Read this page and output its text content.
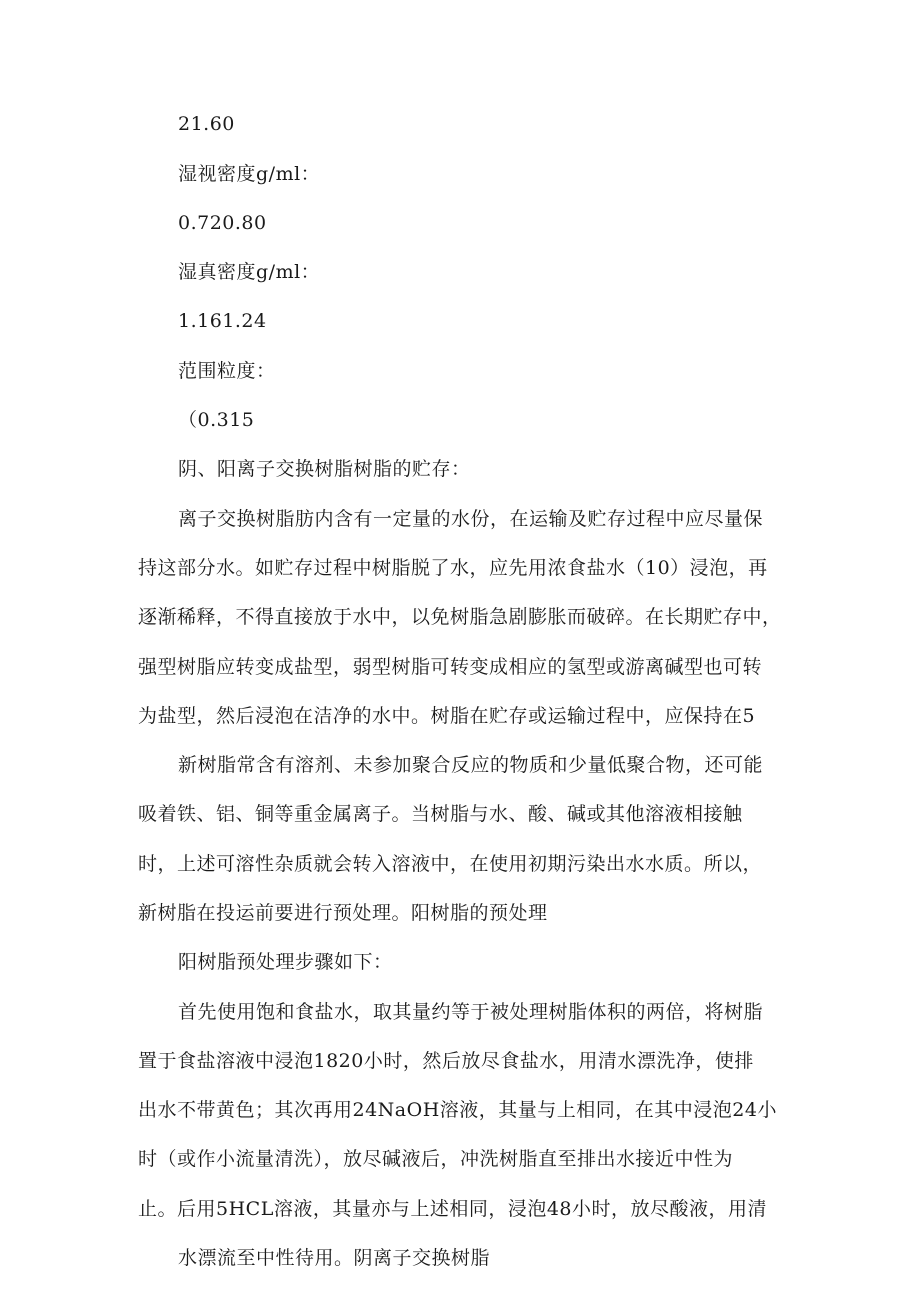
21.60
湿视密度g/ml：
0.720.80
湿真密度g/ml：
1.161.24
范围粒度：
（0.315
阴、阳离子交换树脂树脂的贮存：
离子交换树脂肪内含有一定量的水份，在运输及贮存过程中应尽量保
持这部分水。如贮存过程中树脂脱了水，应先用浓食盐水（10）浸泡，再
逐渐稀释，不得直接放于水中，以免树脂急剧膨胀而破碎。在长期贮存中，
强型树脂应转变成盐型，弱型树脂可转变成相应的氢型或游离碱型也可转
为盐型，然后浸泡在洁净的水中。树脂在贮存或运输过程中，应保持在5
新树脂常含有溶剂、未参加聚合反应的物质和少量低聚合物，还可能
吸着铁、铝、铜等重金属离子。当树脂与水、酸、碱或其他溶液相接触
时，上述可溶性杂质就会转入溶液中，在使用初期污染出水水质。所以，
新树脂在投运前要进行预处理。阳树脂的预处理
阳树脂预处理步骤如下：
首先使用饱和食盐水，取其量约等于被处理树脂体积的两倍，将树脂
置于食盐溶液中浸泡1820小时，然后放尽食盐水，用清水漂洗净，使排
出水不带黄色；其次再用24NaOH溶液，其量与上相同，在其中浸泡24小
时（或作小流量清洗），放尽碱液后，冲洗树脂直至排出水接近中性为
止。后用5HCL溶液，其量亦与上述相同，浸泡48小时，放尽酸液，用清
水漂流至中性待用。阴离子交换树脂
